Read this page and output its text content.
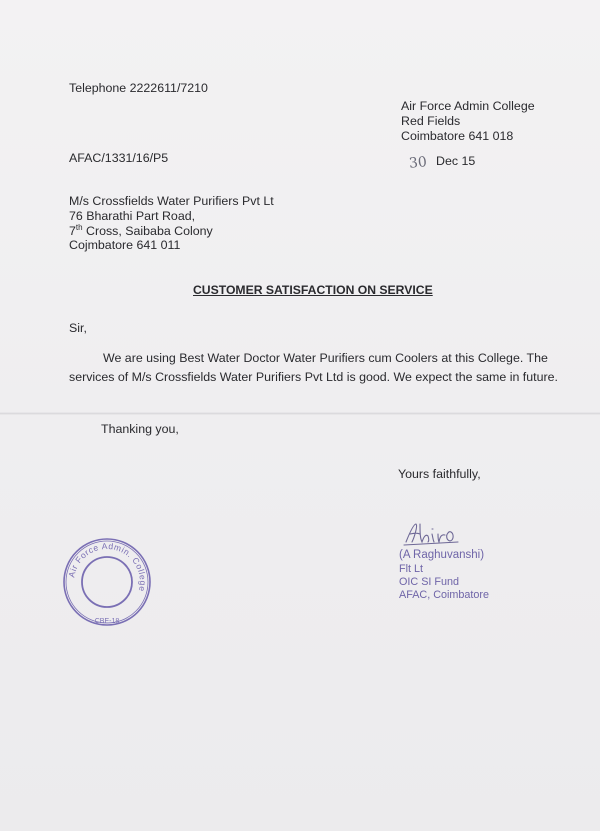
Telephone 2222611/7210
Air Force Admin College
Red Fields
Coimbatore 641 018
AFAC/1331/16/P5	30 Dec 15
M/s Crossfields Water Purifiers Pvt Lt
76 Bharathi Part Road,
7th Cross, Saibaba Colony
Cojmbatore 641 011
CUSTOMER SATISFACTION ON SERVICE
Sir,
We are using Best Water Doctor Water Purifiers cum Coolers at this College. The
services of M/s Crossfields Water Purifiers Pvt Ltd is good. We expect the same in future.
Thanking you,
Yours faithfully,
(A Raghuvanshi)
Flt Lt
OIC SI Fund
AFAC, Coimbatore
Air Force Admin. College
CBE-18
